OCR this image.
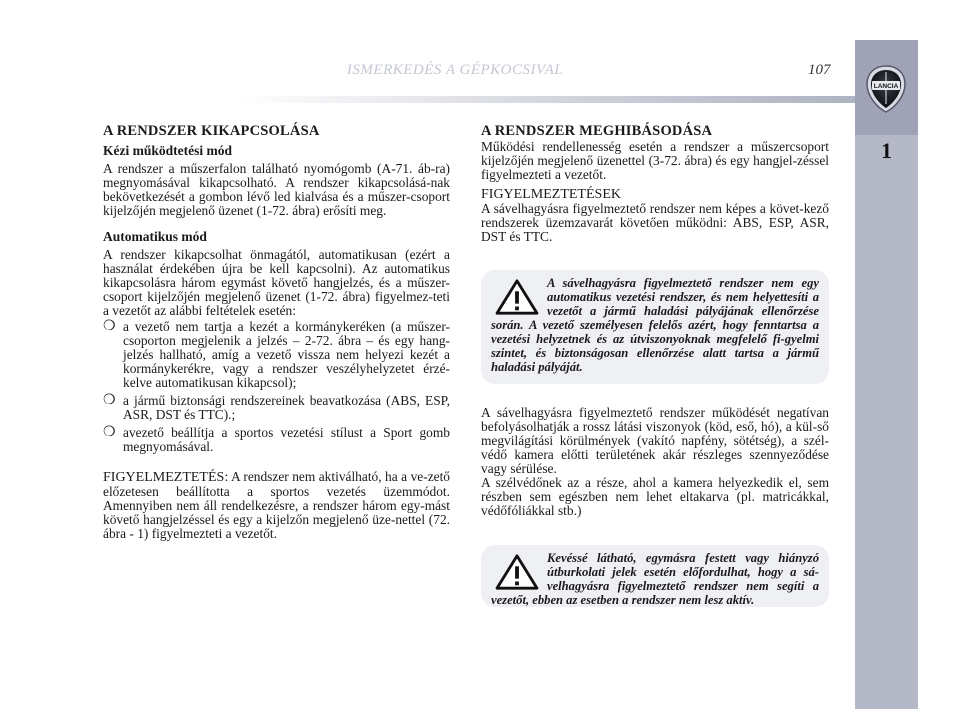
ISMERKEDÉS A GÉPKOCSIVAL	107
LANCIA
1
A RENDSZER KIKAPCSOLÁSA
Kézi működtetési mód

A rendszer a műszerfalon található nyomógomb (A-71. áb-ra) megnyomásával kikapcsolható. A rendszer kikapcsolásá-nak bekövetkezését a gombon lévő led kialvása és a műszer-csoport kijelzőjén megjelenő üzenet (1-72. ábra) erősíti meg.

Automatikus mód

A rendszer kikapcsolhat önmagától, automatikusan (ezért a használat érdekében újra be kell kapcsolni). Az automatikus kikapcsolásra három egymást követő hangjelzés, és a műszer-csoport kijelzőjén megjelenő üzenet (1-72. ábra) figyelmez-teti a vezetőt az alábbi feltételek esetén:

❍ a vezető nem tartja a kezét a kormánykeréken (a műszer-csoporton megjelenik a jelzés – 2-72. ábra – és egy hang-jelzés hallható, amíg a vezető vissza nem helyezi kezét a kormánykerékre, vagy a rendszer veszélyhelyzetet érzé-kelve automatikusan kikapcsol);
❍ a jármű biztonsági rendszereinek beavatkozása (ABS, ESP, ASR, DST és TTC).;
❍ avezető beállítja a sportos vezetési stílust a Sport gomb megnyomásával.

FIGYELMEZTETÉS: A rendszer nem aktiválható, ha a ve-zető előzetesen beállította a sportos vezetés üzemmódot. Amennyiben nem áll rendelkezésre, a rendszer három egy-mást követő hangjelzéssel és egy a kijelzőn megjelenő üze-nettel (72. ábra - 1) figyelmezteti a vezetőt.

A RENDSZER MEGHIBÁSODÁSA

Működési rendellenesség esetén a rendszer a műszercsoport kijelzőjén megjelenő üzenettel (3-72. ábra) és egy hangjel-zéssel figyelmezteti a vezetőt.

FIGYELMEZTETÉSEK

A sávelhagyásra figyelmeztető rendszer nem képes a követ-kező rendszerek üzemzavarát követően működni: ABS, ESP, ASR, DST és TTC.

A sávelhagyásra figyelmeztető rendszer nem egy automatikus vezetési rendszer, és nem helyettesíti a vezetőt a jármű haladási pályájának ellenőrzése során. A vezető személyesen felelős azért, hogy fenntartsa a vezetési helyzetnek és az útviszonyoknak megfelelő fi-gyelmi szintet, és biztonságosan ellenőrzése alatt tartsa a jármű haladási pályáját.

A sávelhagyásra figyelmeztető rendszer működését negatívan befolyásolhatják a rossz látási viszonyok (köd, eső, hó), a kül-ső megvilágítási körülmények (vakító napfény, sötétség), a szél-védő kamera előtti területének akár részleges szennyeződése vagy sérülése.

A szélvédőnek az a része, ahol a kamera helyezkedik el, sem részben sem egészben nem lehet eltakarva (pl. matricákkal, védőfóliákkal stb.)

Kevéssé látható, egymásra festett vagy hiányzó útburkolati jelek esetén előfordulhat, hogy a sá-velhagyásra figyelmeztető rendszer nem segíti a vezetőt, ebben az esetben a rendszer nem lesz aktív.
